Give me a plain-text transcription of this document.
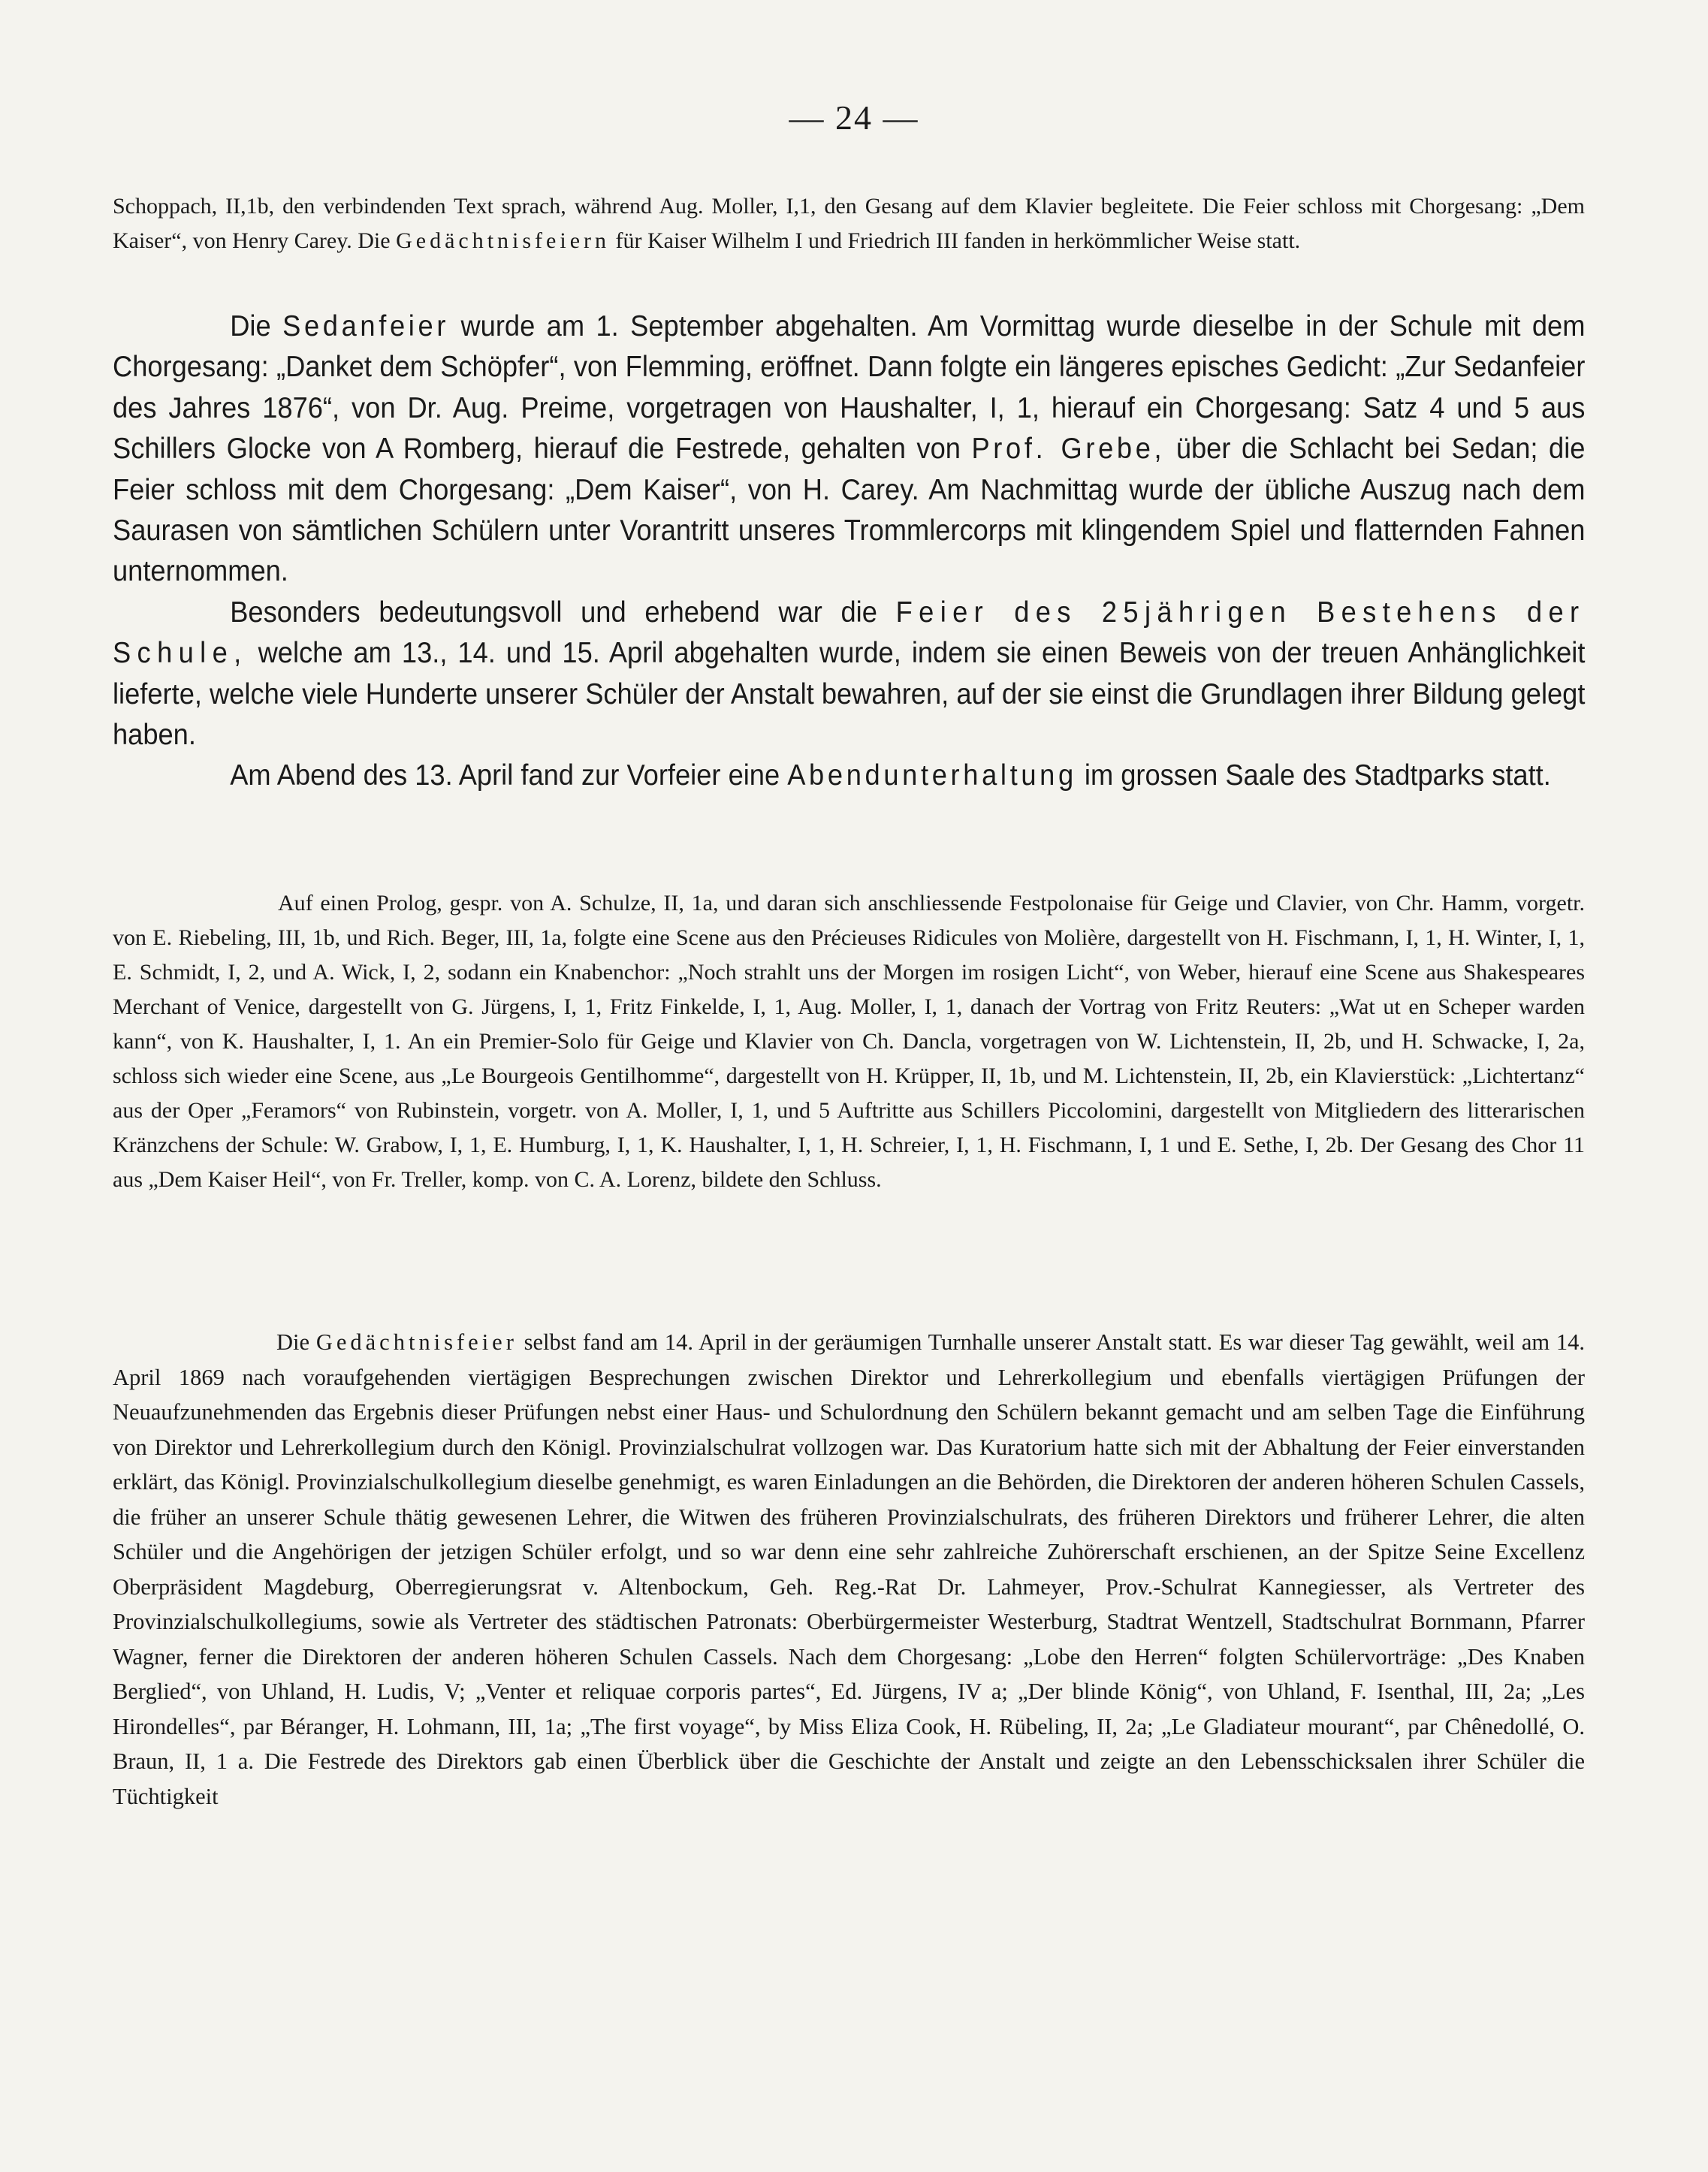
— 24 —

Schoppach, II,1b, den verbindenden Text sprach, während Aug. Moller, I,1, den Gesang auf dem Klavier begleitete. Die Feier schloss mit Chorgesang: „Dem Kaiser“, von Henry Carey. Die Gedächtnisfeiern für Kaiser Wilhelm I und Friedrich III fanden in herkömmlicher Weise statt.

Die Sedanfeier wurde am 1. September abgehalten. Am Vormittag wurde dieselbe in der Schule mit dem Chorgesang: „Danket dem Schöpfer“, von Flemming, eröffnet. Dann folgte ein längeres episches Gedicht: „Zur Sedanfeier des Jahres 1876“, von Dr. Aug. Preime, vorgetragen von Haushalter, I, 1, hierauf ein Chorgesang: Satz 4 und 5 aus Schillers Glocke von A Romberg, hierauf die Festrede, gehalten von Prof. Grebe, über die Schlacht bei Sedan; die Feier schloss mit dem Chorgesang: „Dem Kaiser“, von H. Carey. Am Nachmittag wurde der übliche Auszug nach dem Saurasen von sämtlichen Schülern unter Vorantritt unseres Trommlercorps mit klingendem Spiel und flatternden Fahnen unternommen.

Besonders bedeutungsvoll und erhebend war die Feier des 25jährigen Bestehens der Schule, welche am 13., 14. und 15. April abgehalten wurde, indem sie einen Beweis von der treuen Anhänglichkeit lieferte, welche viele Hunderte unserer Schüler der Anstalt bewahren, auf der sie einst die Grundlagen ihrer Bildung gelegt haben.

Am Abend des 13. April fand zur Vorfeier eine Abendunterhaltung im grossen Saale des Stadtparks statt.

Auf einen Prolog, gespr. von A. Schulze, II, 1a, und daran sich anschliessende Festpolonaise für Geige und Clavier, von Chr. Hamm, vorgetr. von E. Riebeling, III, 1b, und Rich. Beger, III, 1a, folgte eine Scene aus den Précieuses Ridicules von Molière, dargestellt von H. Fischmann, I, 1, H. Winter, I, 1, E. Schmidt, I, 2, und A. Wick, I, 2, sodann ein Knabenchor: „Noch strahlt uns der Morgen im rosigen Licht“, von Weber, hierauf eine Scene aus Shakespeares Merchant of Venice, dargestellt von G. Jürgens, I, 1, Fritz Finkelde, I, 1, Aug. Moller, I, 1, danach der Vortrag von Fritz Reuters: „Wat ut en Scheper warden kann“, von K. Haushalter, I, 1. An ein Premier-Solo für Geige und Klavier von Ch. Dancla, vorgetragen von W. Lichtenstein, II, 2b, und H. Schwacke, I, 2a, schloss sich wieder eine Scene, aus „Le Bourgeois Gentilhomme“, dargestellt von H. Krüpper, II, 1b, und M. Lichtenstein, II, 2b, ein Klavierstück: „Lichtertanz“ aus der Oper „Feramors“ von Rubinstein, vorgetr. von A. Moller, I, 1, und 5 Auftritte aus Schillers Piccolomini, dargestellt von Mitgliedern des litterarischen Kränzchens der Schule: W. Grabow, I, 1, E. Humburg, I, 1, K. Haushalter, I, 1, H. Schreier, I, 1, H. Fischmann, I, 1 und E. Sethe, I, 2b. Der Gesang des Chor 11 aus „Dem Kaiser Heil“, von Fr. Treller, komp. von C. A. Lorenz, bildete den Schluss.

Die Gedächtnisfeier selbst fand am 14. April in der geräumigen Turnhalle unserer Anstalt statt. Es war dieser Tag gewählt, weil am 14. April 1869 nach voraufgehenden viertägigen Besprechungen zwischen Direktor und Lehrerkollegium und ebenfalls viertägigen Prüfungen der Neuaufzunehmenden das Ergebnis dieser Prüfungen nebst einer Haus- und Schulordnung den Schülern bekannt gemacht und am selben Tage die Einführung von Direktor und Lehrerkollegium durch den Königl. Provinzialschulrat vollzogen war. Das Kuratorium hatte sich mit der Abhaltung der Feier einverstanden erklärt, das Königl. Provinzialschulkollegium dieselbe genehmigt, es waren Einladungen an die Behörden, die Direktoren der anderen höheren Schulen Cassels, die früher an unserer Schule thätig gewesenen Lehrer, die Witwen des früheren Provinzialschulrats, des früheren Direktors und früherer Lehrer, die alten Schüler und die Angehörigen der jetzigen Schüler erfolgt, und so war denn eine sehr zahlreiche Zuhörerschaft erschienen, an der Spitze Seine Excellenz Oberpräsident Magdeburg, Oberregierungsrat v. Altenbockum, Geh. Reg.-Rat Dr. Lahmeyer, Prov.-Schulrat Kannegiesser, als Vertreter des Provinzialschulkollegiums, sowie als Vertreter des städtischen Patronats: Oberbürgermeister Westerburg, Stadtrat Wentzell, Stadtschulrat Bornmann, Pfarrer Wagner, ferner die Direktoren der anderen höheren Schulen Cassels. Nach dem Chorgesang: „Lobe den Herren“ folgten Schülervorträge: „Des Knaben Berglied“, von Uhland, H. Ludis, V; „Venter et reliquae corporis partes“, Ed. Jürgens, IV a; „Der blinde König“, von Uhland, F. Isenthal, III, 2a; „Les Hirondelles“, par Béranger, H. Lohmann, III, 1a; „The first voyage“, by Miss Eliza Cook, H. Rübeling, II, 2a; „Le Gladiateur mourant“, par Chênedollé, O. Braun, II, 1 a. Die Festrede des Direktors gab einen Überblick über die Geschichte der Anstalt und zeigte an den Lebensschicksalen ihrer Schüler die Tüchtigkeit
